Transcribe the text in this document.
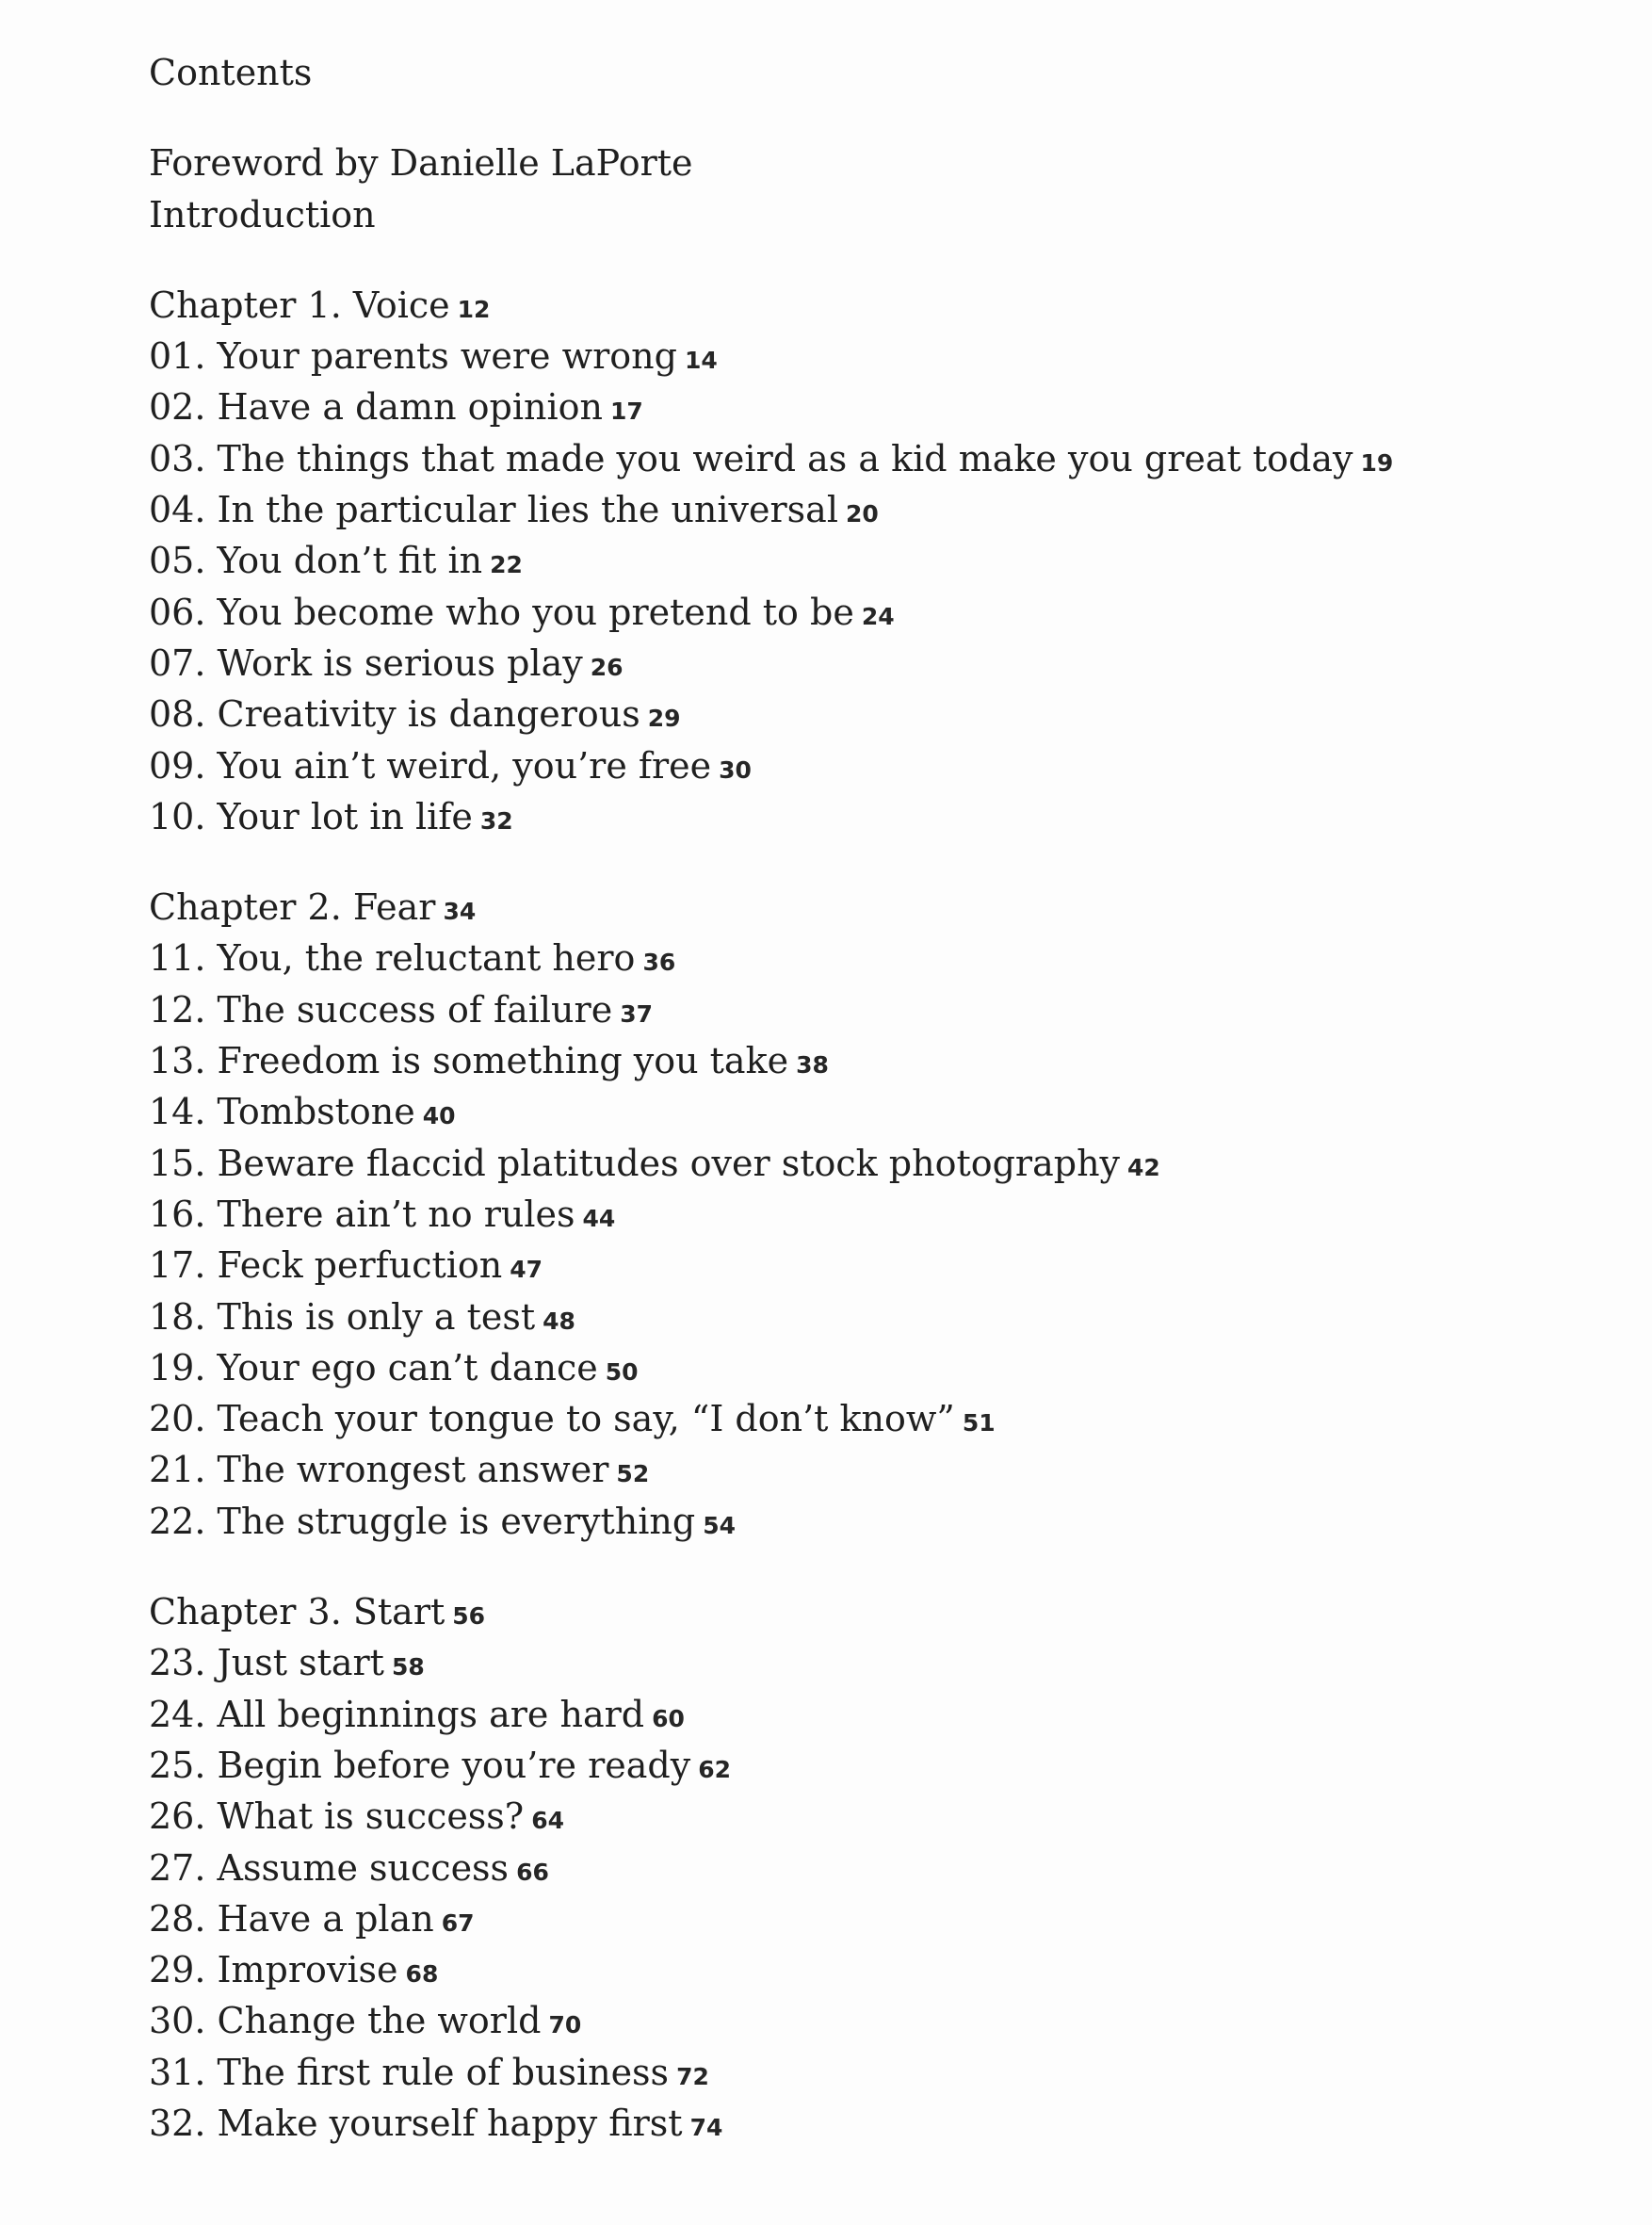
Contents
Foreword by Danielle LaPorte
Introduction
Chapter 1. Voice 12
01. Your parents were wrong 14
02. Have a damn opinion 17
03. The things that made you weird as a kid make you great today 19
04. In the particular lies the universal 20
05. You don’t fit in 22
06. You become who you pretend to be 24
07. Work is serious play 26
08. Creativity is dangerous 29
09. You ain’t weird, you’re free 30
10. Your lot in life 32
Chapter 2. Fear 34
11. You, the reluctant hero 36
12. The success of failure 37
13. Freedom is something you take 38
14. Tombstone 40
15. Beware flaccid platitudes over stock photography 42
16. There ain’t no rules 44
17. Feck perfuction 47
18. This is only a test 48
19. Your ego can’t dance 50
20. Teach your tongue to say, “I don’t know” 51
21. The wrongest answer 52
22. The struggle is everything 54
Chapter 3. Start 56
23. Just start 58
24. All beginnings are hard 60
25. Begin before you’re ready 62
26. What is success? 64
27. Assume success 66
28. Have a plan 67
29. Improvise 68
30. Change the world 70
31. The first rule of business 72
32. Make yourself happy first 74
